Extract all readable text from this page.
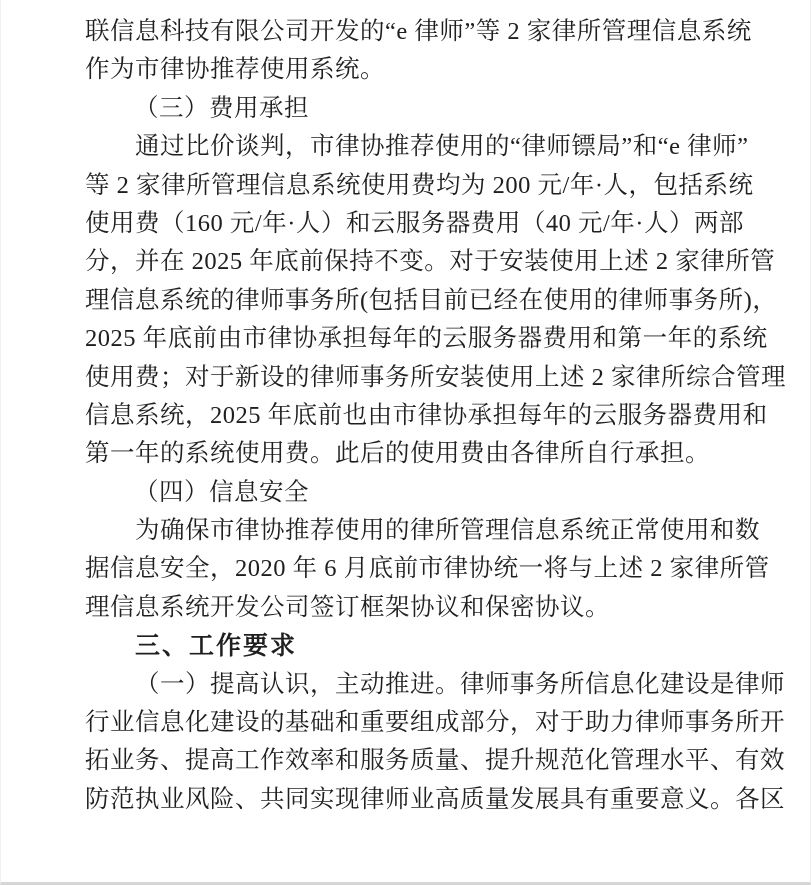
联 信 息 科 技 有 限 公 司 开 发 的 “ e
律 师 ” 等
2
家 律 所 管 理 信 息 系 统
作为市律协推荐使用系统。
（三）费用承担
通 过 比 价 谈 判 ， 市 律 协 推 荐 使 用 的 “ 律 师 镖 局 ” 和 “ e
律 师 ”
等
2
家 律 所 管 理 信 息 系 统 使 用 费 均 为
2 0 0
元 / 年 · 人 ， 包 括 系 统
使 用 费 （ 1 6 0
元 / 年 · 人 ） 和 云 服 务 器 费 用 （ 4 0
元 / 年 · 人 ） 两 部
分 ， 并 在
2 0 2 5
年 底 前 保 持 不 变 。 对 于 安 装 使 用 上 述
2
家 律 所 管
理 信 息 系 统 的 律 师 事 务 所 ( 包 括 目 前 已 经 在 使 用 的 律 师 事 务 所 ) ，
2 0 2 5
年 底 前 由 市 律 协 承 担 每 年 的 云 服 务 器 费 用 和 第 一 年 的 系 统
使 用 费 ； 对 于 新 设 的 律 师 事 务 所 安 装 使 用 上 述
2
家 律 所 综 合 管 理
信 息 系 统 ， 2 0 2 5
年 底 前 也 由 市 律 协 承 担 每 年 的 云 服 务 器 费 用 和
第一年的系统使用费。此后的使用费由各律所自行承担。
（四）信息安全
为 确 保 市 律 协 推 荐 使 用 的 律 所 管 理 信 息 系 统 正 常 使 用 和 数
据 信 息 安 全 ， 2 0 2 0
年
6
月 底 前 市 律 协 统 一 将 与 上 述
2
家 律 所 管
理信息系统开发公司签订框架协议和保密协议。
三、工作要求
（ 一 ） 提 高 认 识 ， 主 动 推 进 。 律 师 事 务 所 信 息 化 建 设 是 律 师
行 业 信 息 化 建 设 的 基 础 和 重 要 组 成 部 分 ， 对 于 助 力 律 师 事 务 所 开
拓 业 务 、 提 高 工 作 效 率 和 服 务 质 量 、 提 升 规 范 化 管 理 水 平 、 有 效
防 范 执 业 风 险 、 共 同 实 现 律 师 业 高 质 量 发 展 具 有 重 要 意 义 。 各 区
